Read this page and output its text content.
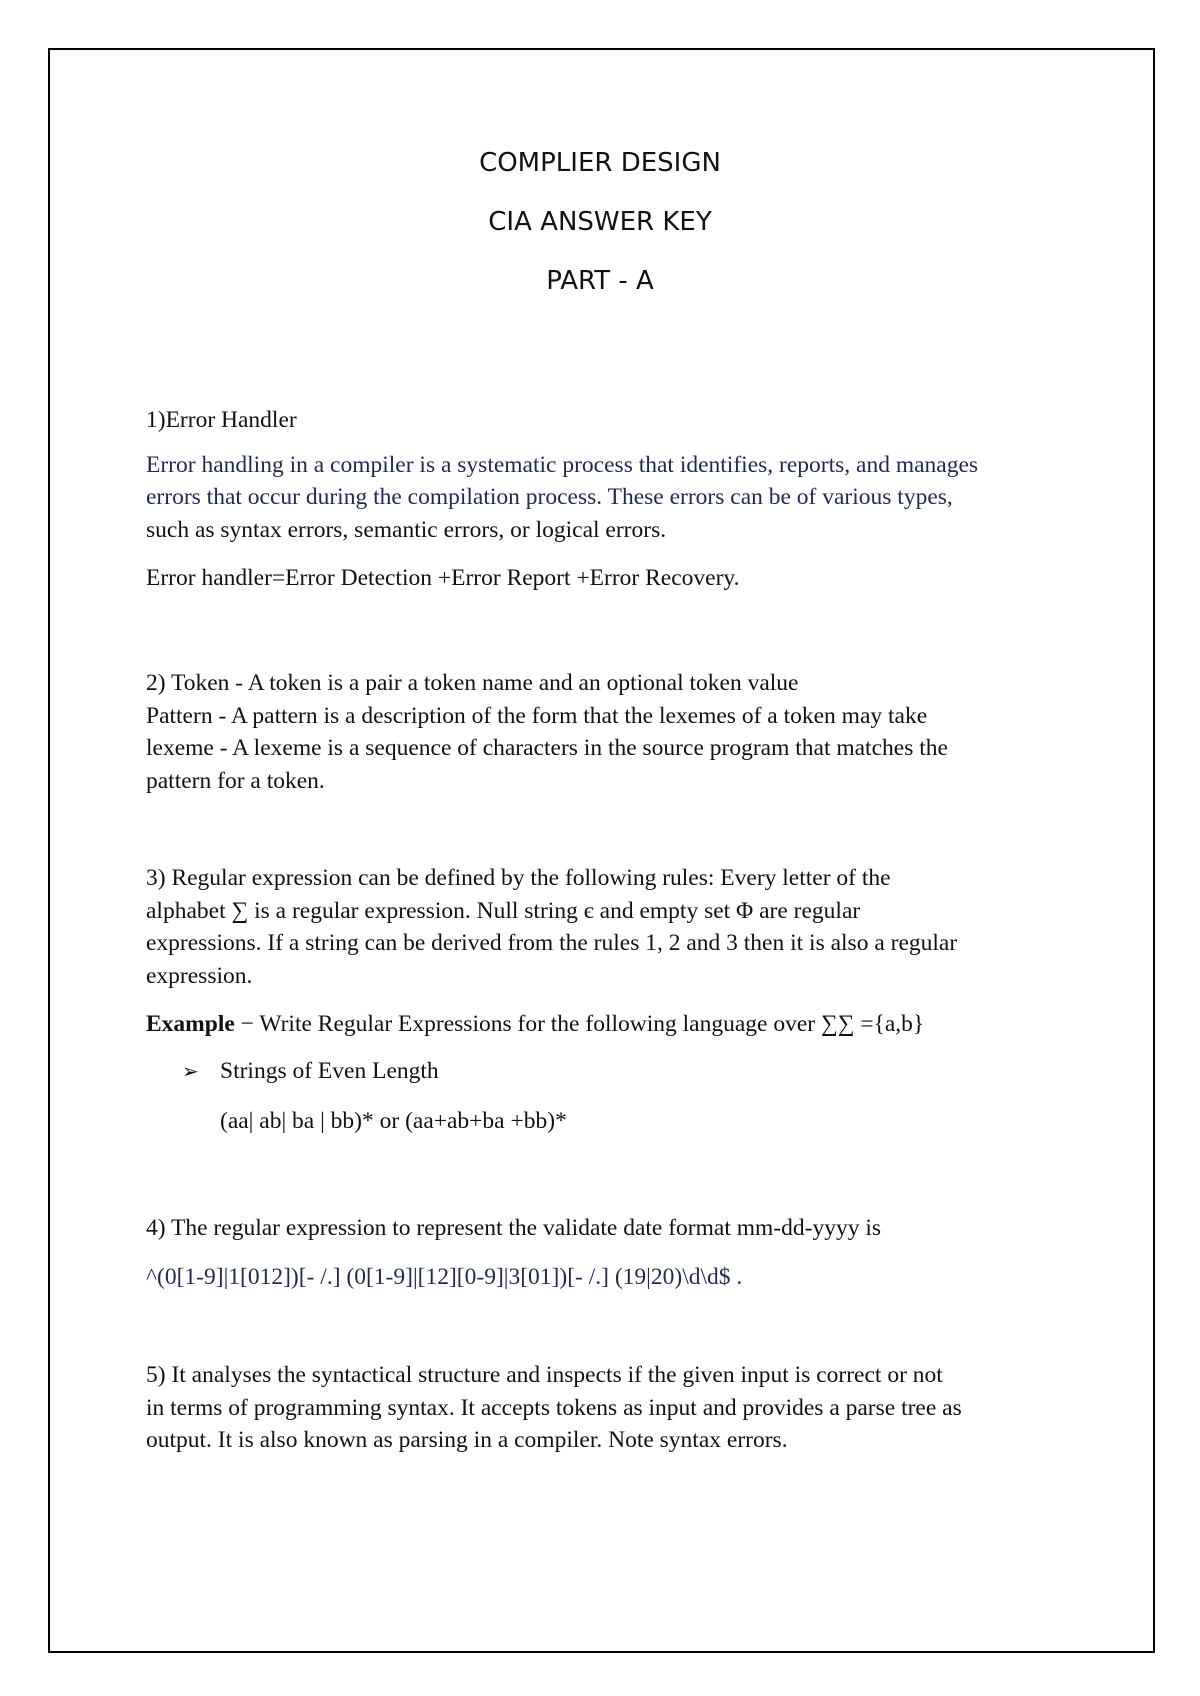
COMPLIER DESIGN
CIA ANSWER KEY
PART - A

1)Error Handler

Error handling in a compiler is a systematic process that identifies, reports, and manages

errors that occur during the compilation process. These errors can be of various types,

such as syntax errors, semantic errors, or logical errors.

Error handler=Error Detection +Error Report +Error Recovery.

2) Token - A token is a pair a token name and an optional token value

Pattern - A pattern is a description of the form that the lexemes of a token may take

lexeme - A lexeme is a sequence of characters in the source program that matches the

pattern for a token.

3) Regular expression can be defined by the following rules: Every letter of the

alphabet ∑ is a regular expression. Null string є and empty set Φ are regular

expressions. If a string can be derived from the rules 1, 2 and 3 then it is also a regular

expression.

Example − Write Regular Expressions for the following language over ∑∑ ={a,b}

➢ Strings of Even Length
(aa| ab| ba | bb)* or (aa+ab+ba +bb)*

4) The regular expression to represent the validate date format mm-dd-yyyy is

^(0[1-9]|1[012])[- /.] (0[1-9]|[12][0-9]|3[01])[- /.] (19|20)\d\d$ .

5) It analyses the syntactical structure and inspects if the given input is correct or not

in terms of programming syntax. It accepts tokens as input and provides a parse tree as

output. It is also known as parsing in a compiler. Note syntax errors.
